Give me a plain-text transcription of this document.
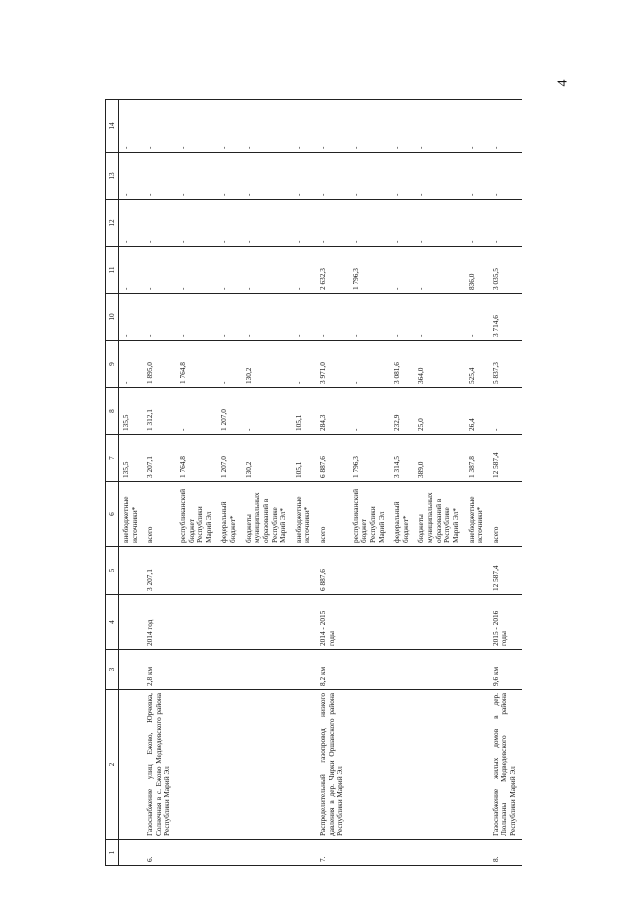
4
1	2	3	4	5	6	7	8	9	10	11	12	13	14
					внебюджетные источники*	135,5	135,5	-	-	-	-	-	-
6.	Газоснабжение улиц Ежово, Юрчевка, Солнечная в с. Ежово Медведевского района Республики Марий Эл	2,8 км	2014 год	3 207,1	всего	3 207,1	1 312,1	1 895,0	-	-	-	-	-
					республиканский бюджет Республики Марий Эл	1 764,8	-	1 764,8	-	-	-	-	-
					федеральный бюджет*	1 207,0	1 207,0	-	-	-	-	-	-
					бюджеты муниципальных образований в Республике Марий Эл*	130,2	-	130,2	-	-	-	-	-
					внебюджетные источники*	105,1	105,1	-	-	-	-	-	-
7.	Распределительный газопровод низкого давления в дер. Чирки Оршанского района Республики Марий Эл	8,2 км	2014 - 2015 годы	6 887,6	всего	6 887,6	284,3	3 971,0	-	2 632,3	-	-	-
					республиканский бюджет Республики Марий Эл	1 796,3	-	-	-	1 796,3	-	-	-
					федеральный бюджет*	3 314,5	232,9	3 081,6	-	-	-	-	-
					бюджеты муниципальных образований в Республике Марий Эл*	389,0	25,0	364,0	-	-	-	-	-
					внебюджетные источники*	1 387,8	26,4	525,4	-	836,0	-	-	-
8.	Газоснабжение жилых домов в дер. Люльпаны Медведевского района Республики Марий Эл	9,6 км	2015 - 2016 годы	12 587,4	всего	12 587,4	-	5 837,3	3 714,6	3 035,5	-	-	-
